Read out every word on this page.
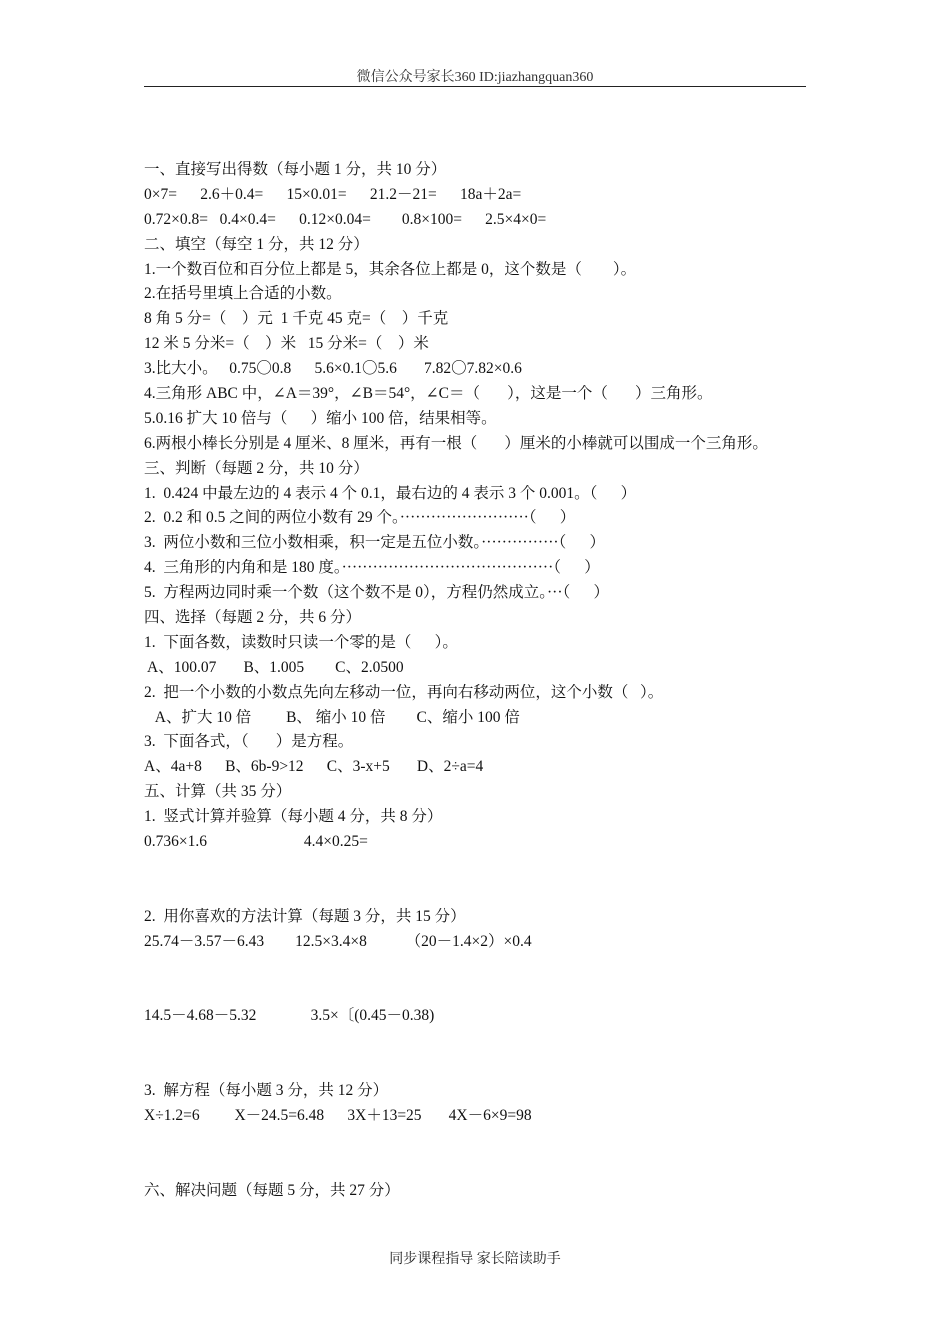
微信公众号家长360 ID:jiazhangquan360
一、直接写出得数（每小题 1 分，共 10 分）
0×7=      2.6＋0.4=      15×0.01=      21.2－21=      18a＋2a=
0.72×0.8=   0.4×0.4=      0.12×0.04=        0.8×100=      2.5×4×0=
二、填空（每空 1 分，共 12 分）
1.一个数百位和百分位上都是 5，其余各位上都是 0，这个数是（        ）。
2.在括号里填上合适的小数。
8 角 5 分=（    ）元  1 千克 45 克=（    ）千克
12 米 5 分米=（    ）米   15 分米=（    ）米
3.比大小。   0.75〇0.8      5.6×0.1〇5.6       7.82〇7.82×0.6
4.三角形 ABC 中，∠A＝39°，∠B＝54°，∠C＝（       ），这是一个（       ）三角形。
5.0.16 扩大 10 倍与（      ）缩小 100 倍，结果相等。
6.两根小棒长分别是 4 厘米、8 厘米，再有一根（       ）厘米的小棒就可以围成一个三角形。
三、判断（每题 2 分，共 10 分）
1.  0.424 中最左边的 4 表示 4 个 0.1，最右边的 4 表示 3 个 0.001。（      ）
2.  0.2 和 0.5 之间的两位小数有 29 个。·························（      ）
3.  两位小数和三位小数相乘，积一定是五位小数。···············（      ）
4.  三角形的内角和是 180 度。·········································（      ）
5.  方程两边同时乘一个数（这个数不是 0），方程仍然成立。···（      ）
四、选择（每题 2 分，共 6 分）
1.  下面各数，读数时只读一个零的是（      ）。
A、100.07       B、1.005        C、2.0500
2.  把一个小数的小数点先向左移动一位，再向右移动两位，这个小数（   ）。
A、扩大 10 倍         B、 缩小 10 倍        C、缩小 100 倍
3.  下面各式，（       ）是方程。
A、4a+8      B、6b-9>12      C、3-x+5       D、2÷a=4
五、计算（共 35 分）
1.  竖式计算并验算（每小题 4 分，共 8 分）
0.736×1.6                         4.4×0.25=
2.  用你喜欢的方法计算（每题 3 分，共 15 分）
25.74－3.57－6.43        12.5×3.4×8          （20－1.4×2）×0.4
14.5－4.68－5.32              3.5×〔(0.45－0.38)
3.  解方程（每小题 3 分，共 12 分）
X÷1.2=6         X－24.5=6.48      3X＋13=25       4X－6×9=98
六、解决问题（每题 5 分，共 27 分）
同步课程指导 家长陪读助手
